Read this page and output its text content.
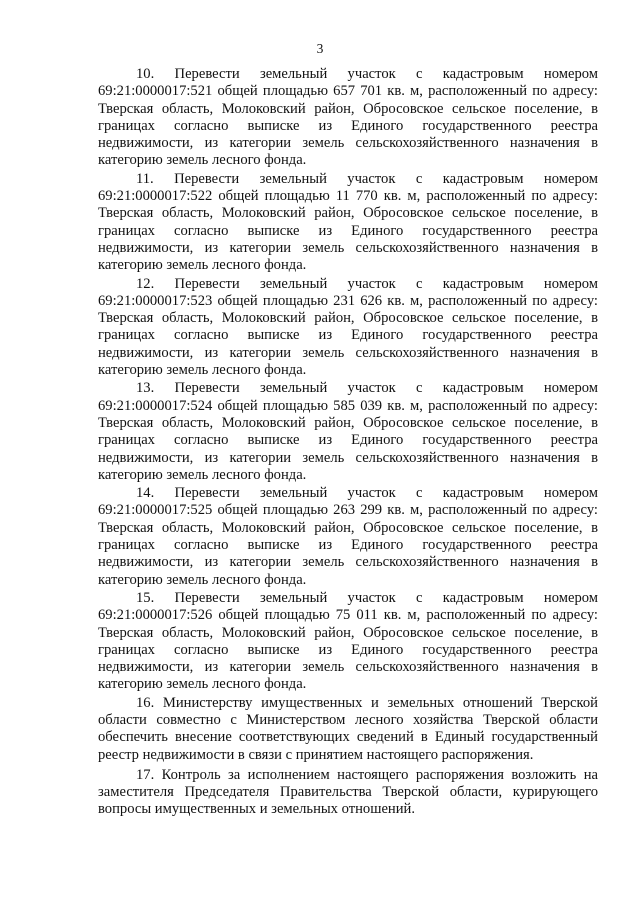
3

10. Перевести земельный участок с кадастровым номером 69:21:0000017:521 общей площадью 657 701 кв. м, расположенный по адресу: Тверская область, Молоковский район, Обросовское сельское поселение, в границах согласно выписке из Единого государственного реестра недвижимости, из категории земель сельскохозяйственного назначения в категорию земель лесного фонда.

11. Перевести земельный участок с кадастровым номером 69:21:0000017:522 общей площадью 11 770 кв. м, расположенный по адресу: Тверская область, Молоковский район, Обросовское сельское поселение, в границах согласно выписке из Единого государственного реестра недвижимости, из категории земель сельскохозяйственного назначения в категорию земель лесного фонда.

12. Перевести земельный участок с кадастровым номером 69:21:0000017:523 общей площадью 231 626 кв. м, расположенный по адресу: Тверская область, Молоковский район, Обросовское сельское поселение, в границах согласно выписке из Единого государственного реестра недвижимости, из категории земель сельскохозяйственного назначения в категорию земель лесного фонда.

13. Перевести земельный участок с кадастровым номером 69:21:0000017:524 общей площадью 585 039 кв. м, расположенный по адресу: Тверская область, Молоковский район, Обросовское сельское поселение, в границах согласно выписке из Единого государственного реестра недвижимости, из категории земель сельскохозяйственного назначения в категорию земель лесного фонда.

14. Перевести земельный участок с кадастровым номером 69:21:0000017:525 общей площадью 263 299 кв. м, расположенный по адресу: Тверская область, Молоковский район, Обросовское сельское поселение, в границах согласно выписке из Единого государственного реестра недвижимости, из категории земель сельскохозяйственного назначения в категорию земель лесного фонда.

15. Перевести земельный участок с кадастровым номером 69:21:0000017:526 общей площадью 75 011 кв. м, расположенный по адресу: Тверская область, Молоковский район, Обросовское сельское поселение, в границах согласно выписке из Единого государственного реестра недвижимости, из категории земель сельскохозяйственного назначения в категорию земель лесного фонда.

16. Министерству имущественных и земельных отношений Тверской области совместно с Министерством лесного хозяйства Тверской области обеспечить внесение соответствующих сведений в Единый государственный реестр недвижимости в связи с принятием настоящего распоряжения.

17. Контроль за исполнением настоящего распоряжения возложить на заместителя Председателя Правительства Тверской области, курирующего вопросы имущественных и земельных отношений.
